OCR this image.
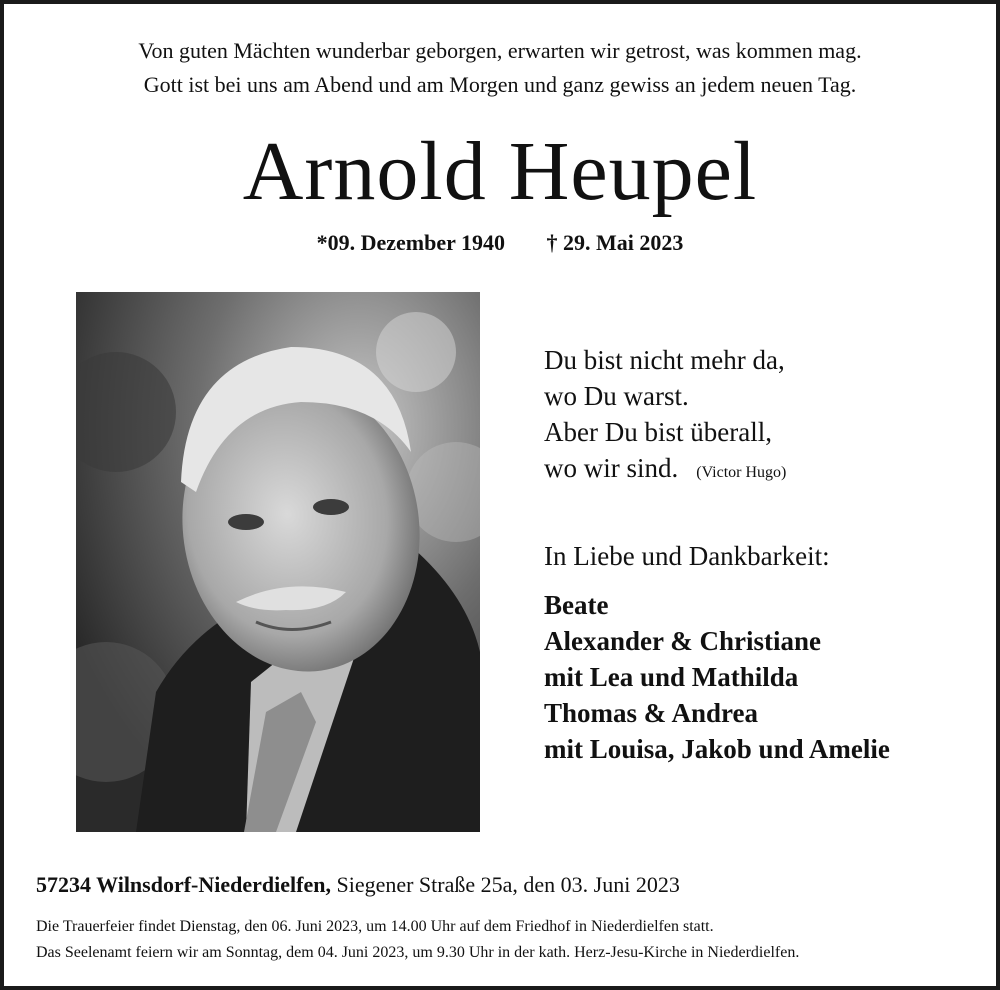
Von guten Mächten wunderbar geborgen, erwarten wir getrost, was kommen mag.
Gott ist bei uns am Abend und am Morgen und ganz gewiss an jedem neuen Tag.
Arnold Heupel
*09. Dezember 1940 † 29. Mai 2023
Du bist nicht mehr da,
wo Du warst.
Aber Du bist überall,
wo wir sind. (Victor Hugo)
In Liebe und Dankbarkeit:
Beate
Alexander & Christiane
mit Lea und Mathilda
Thomas & Andrea
mit Louisa, Jakob und Amelie
57234 Wilnsdorf-Niederdielfen, Siegener Straße 25a, den 03. Juni 2023
Die Trauerfeier findet Dienstag, den 06. Juni 2023, um 14.00 Uhr auf dem Friedhof in Niederdielfen statt.
Das Seelenamt feiern wir am Sonntag, dem 04. Juni 2023, um 9.30 Uhr in der kath. Herz-Jesu-Kirche in Niederdielfen.
